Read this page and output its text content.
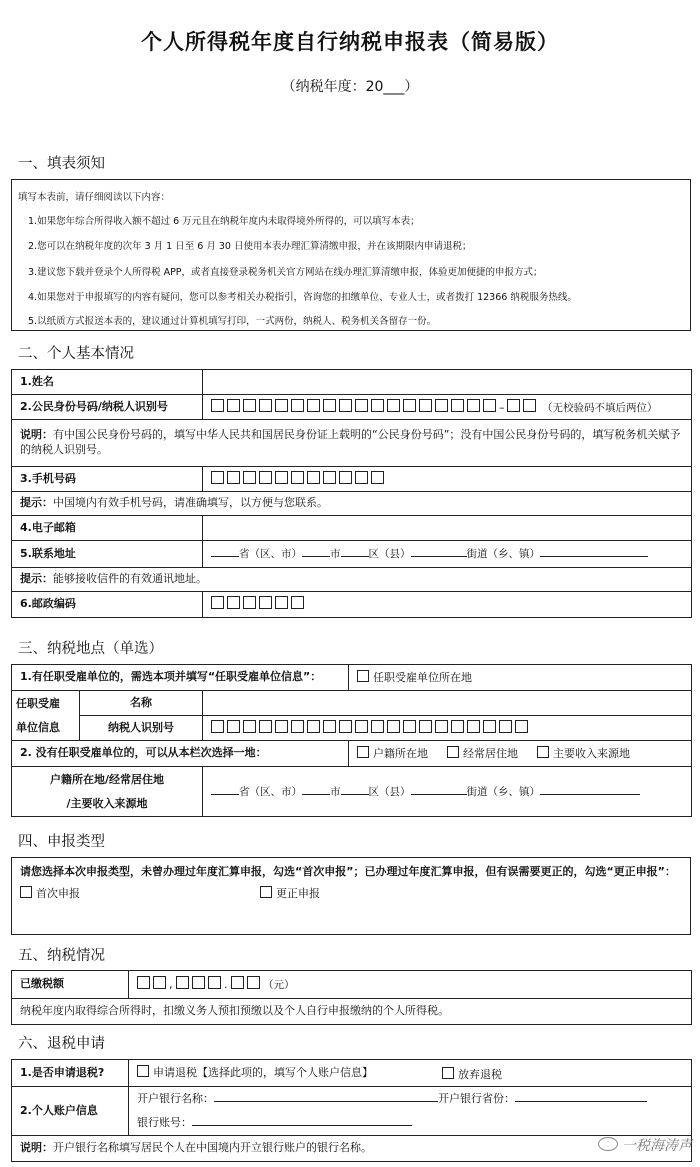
个人所得税年度自行纳税申报表（简易版）
（纳税年度：20___）
一、填表须知
填写本表前，请仔细阅读以下内容：
1.如果您年综合所得收入额不超过 6 万元且在纳税年度内未取得境外所得的，可以填写本表；
2.您可以在纳税年度的次年 3 月 1 日至 6 月 30 日使用本表办理汇算清缴申报，并在该期限内申请退税；
3.建议您下载并登录个人所得税 APP，或者直接登录税务机关官方网站在线办理汇算清缴申报，体验更加便捷的申报方式；
4.如果您对于申报填写的内容有疑问，您可以参考相关办税指引，咨询您的扣缴单位、专业人士，或者拨打 12366 纳税服务热线。
5.以纸质方式报送本表的，建议通过计算机填写打印，一式两份，纳税人、税务机关各留存一份。
二、个人基本情况
1.姓名	
2.公民身份号码/纳税人识别号	– （无校验码不填后两位）
说明：有中国公民身份号码的，填写中华人民共和国居民身份证上载明的“公民身份号码”；没有中国公民身份号码的，填写税务机关赋予的纳税人识别号。	
3.手机号码	
提示：中国境内有效手机号码，请准确填写，以方便与您联系。	
4.电子邮箱	
5.联系地址	省（区、市） 市 区（县） 街道（乡、镇）
提示：能够接收信件的有效通讯地址。	
6.邮政编码	
三、纳税地点（单选）
1.有任职受雇单位的，需选本项并填写“任职受雇单位信息”：			任职受雇单位所在地
任职受雇
单位信息	名称		
	纳税人识别号		
2. 没有任职受雇单位的，可以从本栏次选择一地：			户籍所在地 经常居住地 主要收入来源地
户籍所在地/经常居住地
/主要收入来源地		省（区、市） 市 区（县） 街道（乡、镇）	
四、申报类型
请您选择本次申报类型，未曾办理过年度汇算申报，勾选“首次申报”；已办理过年度汇算申报，但有误需要更正的，勾选“更正申报”：
首次申报	更正申报
五、纳税情况
已缴税额	,	.	（元）
纳税年度内取得综合所得时，扣缴义务人预扣预缴以及个人自行申报缴纳的个人所得税。
六、退税申请
1.是否申请退税?	申请退税【选择此项的，填写个人账户信息】 放弃退税

2.个人账户信息	开户银行名称： 开户银行省份：
银行账号：

说明：开户银行名称填写居民个人在中国境内开立银行账户的银行名称。		一税海涛声
